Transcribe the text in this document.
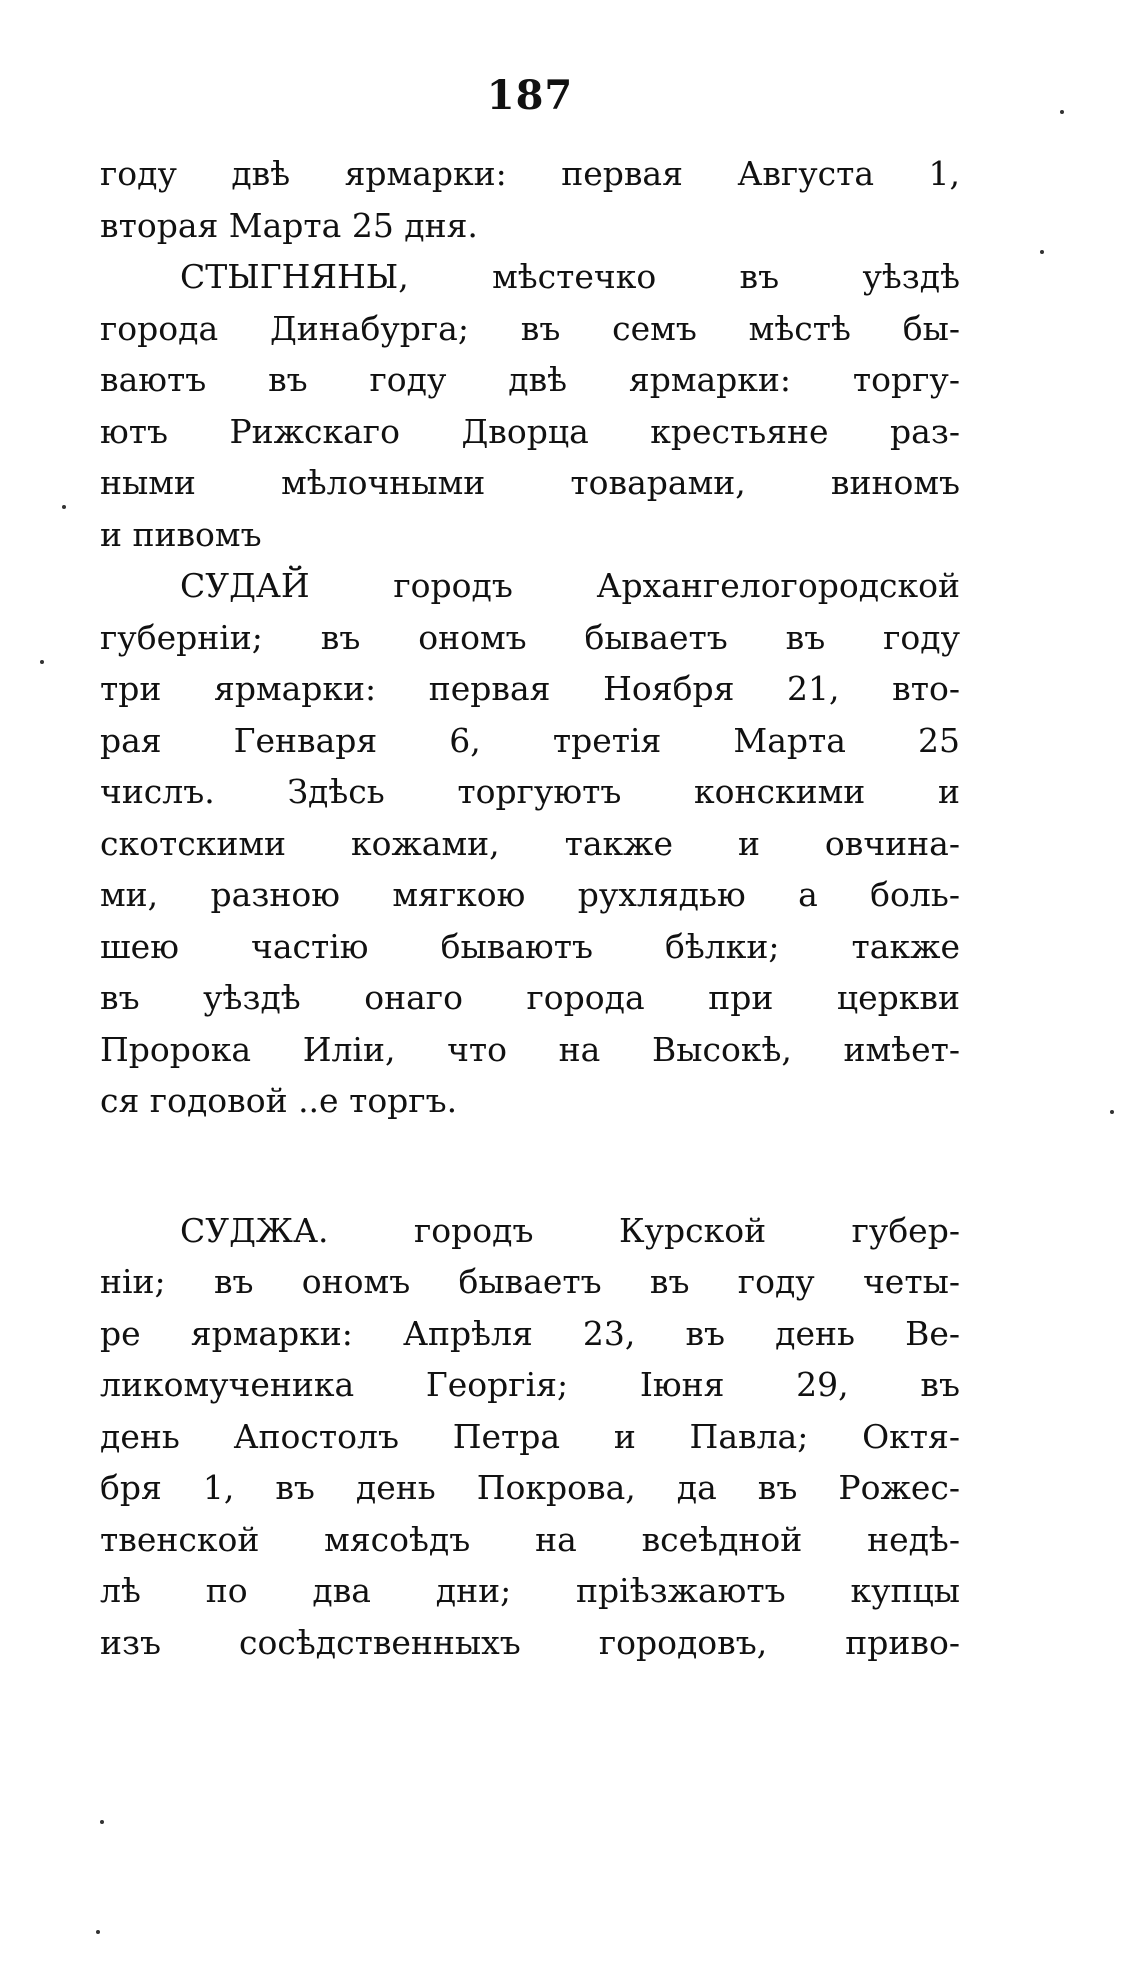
187
году двѣ ярмарки: первая Августа 1,
вторая Марта 25 дня.
СТЫГНЯНЫ, мѣстечко въ уѣздѣ
города Динабурга; въ семъ мѣстѣ бы-
ваютъ въ году двѣ ярмарки: торгу-
ютъ Рижскаго Дворца крестьяне раз-
ными мѣлочными товарами, виномъ
и пивомъ
СУДАЙ городъ Архангелогородской
губерніи; въ ономъ бываетъ въ году
три ярмарки: первая Ноября 21, вто-
рая Генваря 6, третія Марта 25
числъ. Здѣсь торгуютъ конскими и
скотскими кожами, также и овчина-
ми, разною мягкою рухлядью а боль-
шею частію бываютъ бѣлки; также
въ уѣздѣ онаго города при церкви
Пророка Иліи, что на Высокѣ, имѣет-
ся годовой ..е торгъ.
СУДЖА. городъ Курской губер-
ніи; въ ономъ бываетъ въ году четы-
ре ярмарки: Апрѣля 23, въ день Ве-
ликомученика Георгія; Іюня 29, въ
день Апостолъ Петра и Павла; Октя-
бря 1, въ день Покрова, да въ Рожес-
твенской мясоѣдъ на всеѣдной недѣ-
лѣ по два дни; пріѣзжаютъ купцы
изъ сосѣдственныхъ городовъ, приво-
